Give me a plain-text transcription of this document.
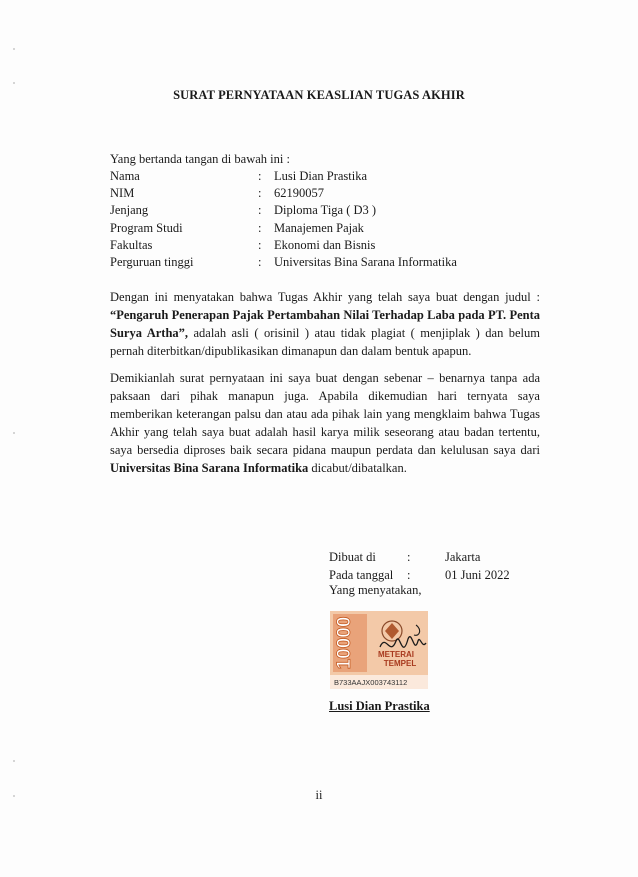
SURAT PERNYATAAN KEASLIAN TUGAS AKHIR
Yang bertanda tangan di bawah ini :
Nama	:	Lusi Dian Prastika
NIM	:	62190057
Jenjang	:	Diploma Tiga ( D3 )
Program Studi	:	Manajemen Pajak
Fakultas	:	Ekonomi dan Bisnis
Perguruan tinggi	:	Universitas Bina Sarana Informatika

Dengan ini menyatakan bahwa Tugas Akhir yang telah saya buat dengan judul : “Pengaruh Penerapan Pajak Pertambahan Nilai Terhadap Laba pada PT. Penta Surya Artha”, adalah asli ( orisinil ) atau tidak plagiat ( menjiplak ) dan belum pernah diterbitkan/dipublikasikan dimanapun dan dalam bentuk apapun.

Demikianlah surat pernyataan ini saya buat dengan sebenar – benarnya tanpa ada paksaan dari pihak manapun juga. Apabila dikemudian hari ternyata saya memberikan keterangan palsu dan atau ada pihak lain yang mengklaim bahwa Tugas Akhir yang telah saya buat adalah hasil karya milik seseorang atau badan tertentu, saya bersedia diproses baik secara pidana maupun perdata dan kelulusan saya dari Universitas Bina Sarana Informatika dicabut/dibatalkan.

Dibuat di	:	Jakarta
Pada tanggal	:	01 Juni 2022
Yang menyatakan,
10000	METERAI
TEMPEL
B733AAJX003743112
Lusi Dian Prastika
ii
